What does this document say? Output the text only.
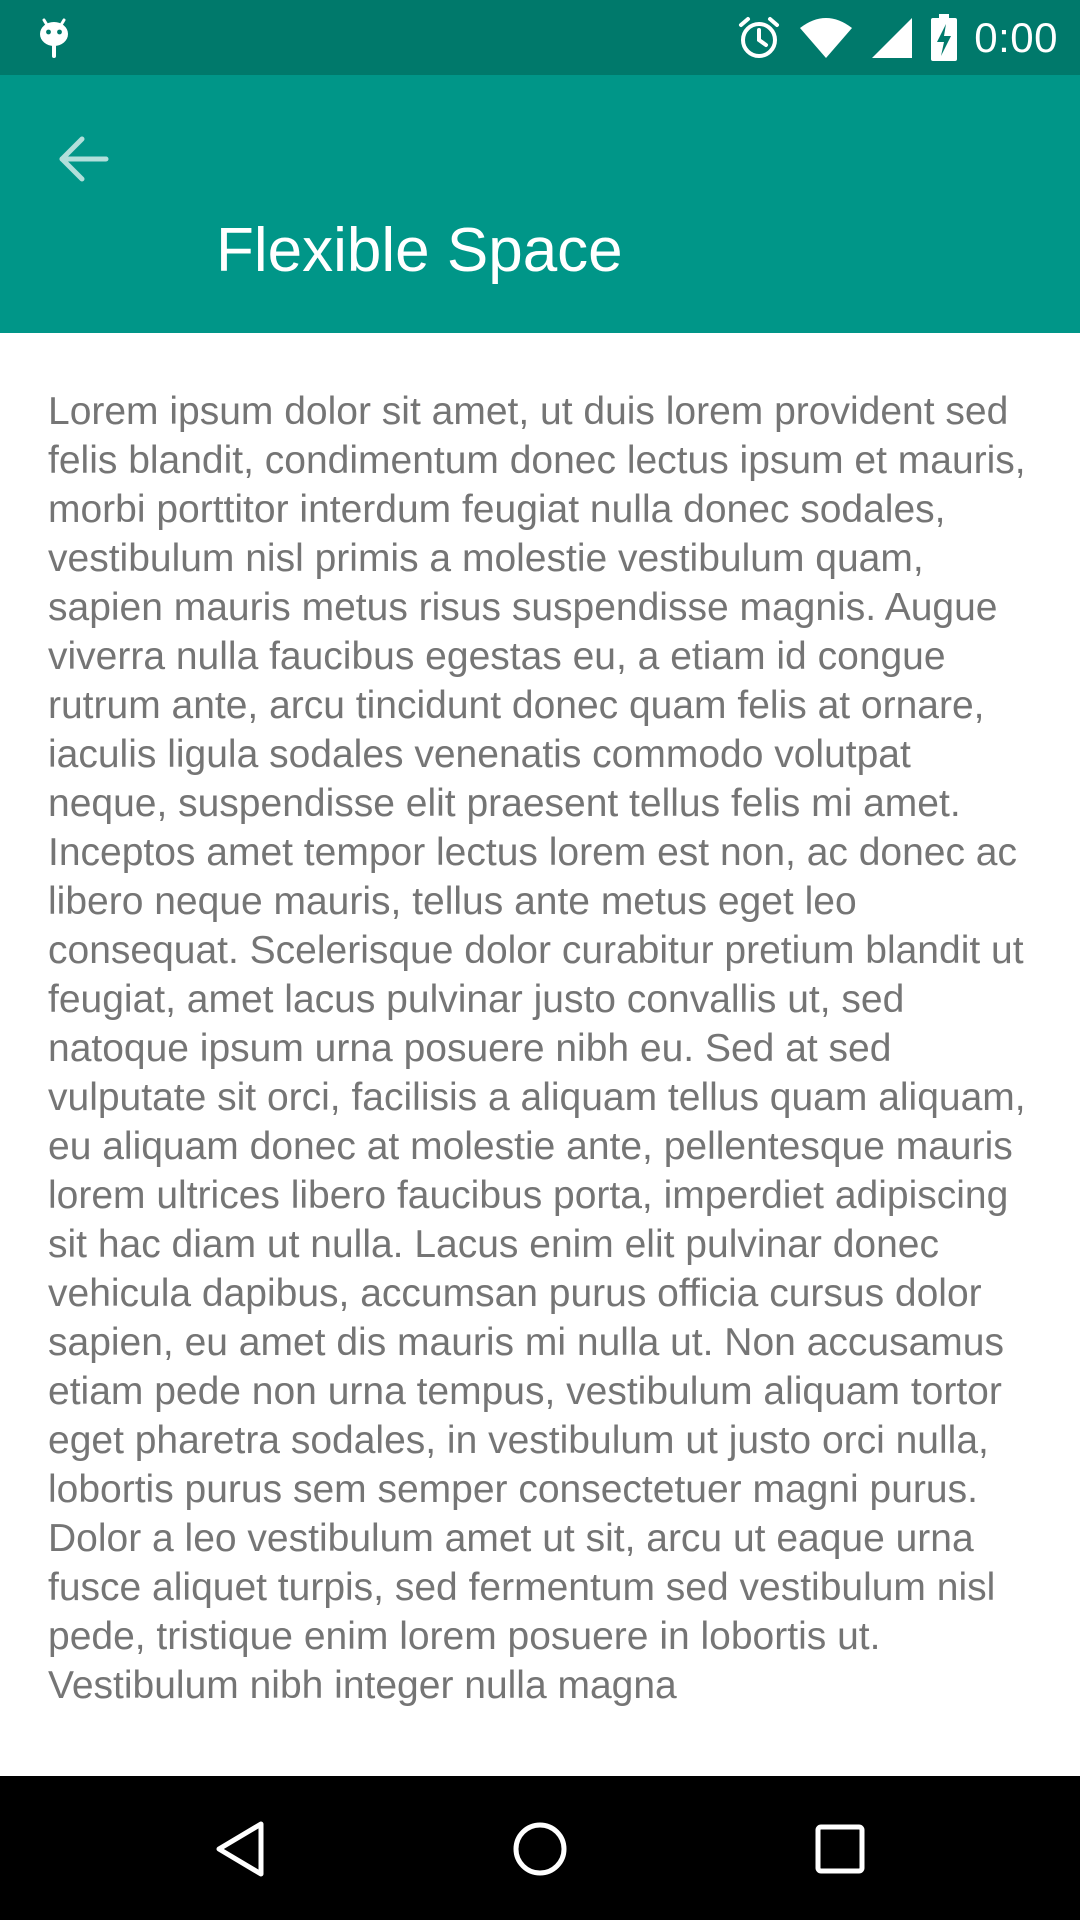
0:00
Flexible Space

Lorem ipsum dolor sit amet, ut duis lorem provident sed felis blandit, condimentum donec lectus ipsum et mauris, morbi porttitor interdum feugiat nulla donec sodales, vestibulum nisl primis a molestie vestibulum quam, sapien mauris metus risus suspendisse magnis. Augue viverra nulla faucibus egestas eu, a etiam id congue rutrum ante, arcu tincidunt donec quam felis at ornare, iaculis ligula sodales venenatis commodo volutpat neque, suspendisse elit praesent tellus felis mi amet. Inceptos amet tempor lectus lorem est non, ac donec ac libero neque mauris, tellus ante metus eget leo consequat. Scelerisque dolor curabitur pretium blandit ut feugiat, amet lacus pulvinar justo convallis ut, sed natoque ipsum urna posuere nibh eu. Sed at sed vulputate sit orci, facilisis a aliquam tellus quam aliquam, eu aliquam donec at molestie ante, pellentesque mauris lorem ultrices libero faucibus porta, imperdiet adipiscing sit hac diam ut nulla. Lacus enim elit pulvinar donec vehicula dapibus, accumsan purus officia cursus dolor sapien, eu amet dis mauris mi nulla ut. Non accusamus etiam pede non urna tempus, vestibulum aliquam tortor eget pharetra sodales, in vestibulum ut justo orci nulla, lobortis purus sem semper consectetuer magni purus. Dolor a leo vestibulum amet ut sit, arcu ut eaque urna fusce aliquet turpis, sed fermentum sed vestibulum nisl pede, tristique enim lorem posuere in lobortis ut. Vestibulum nibh integer nulla magna
